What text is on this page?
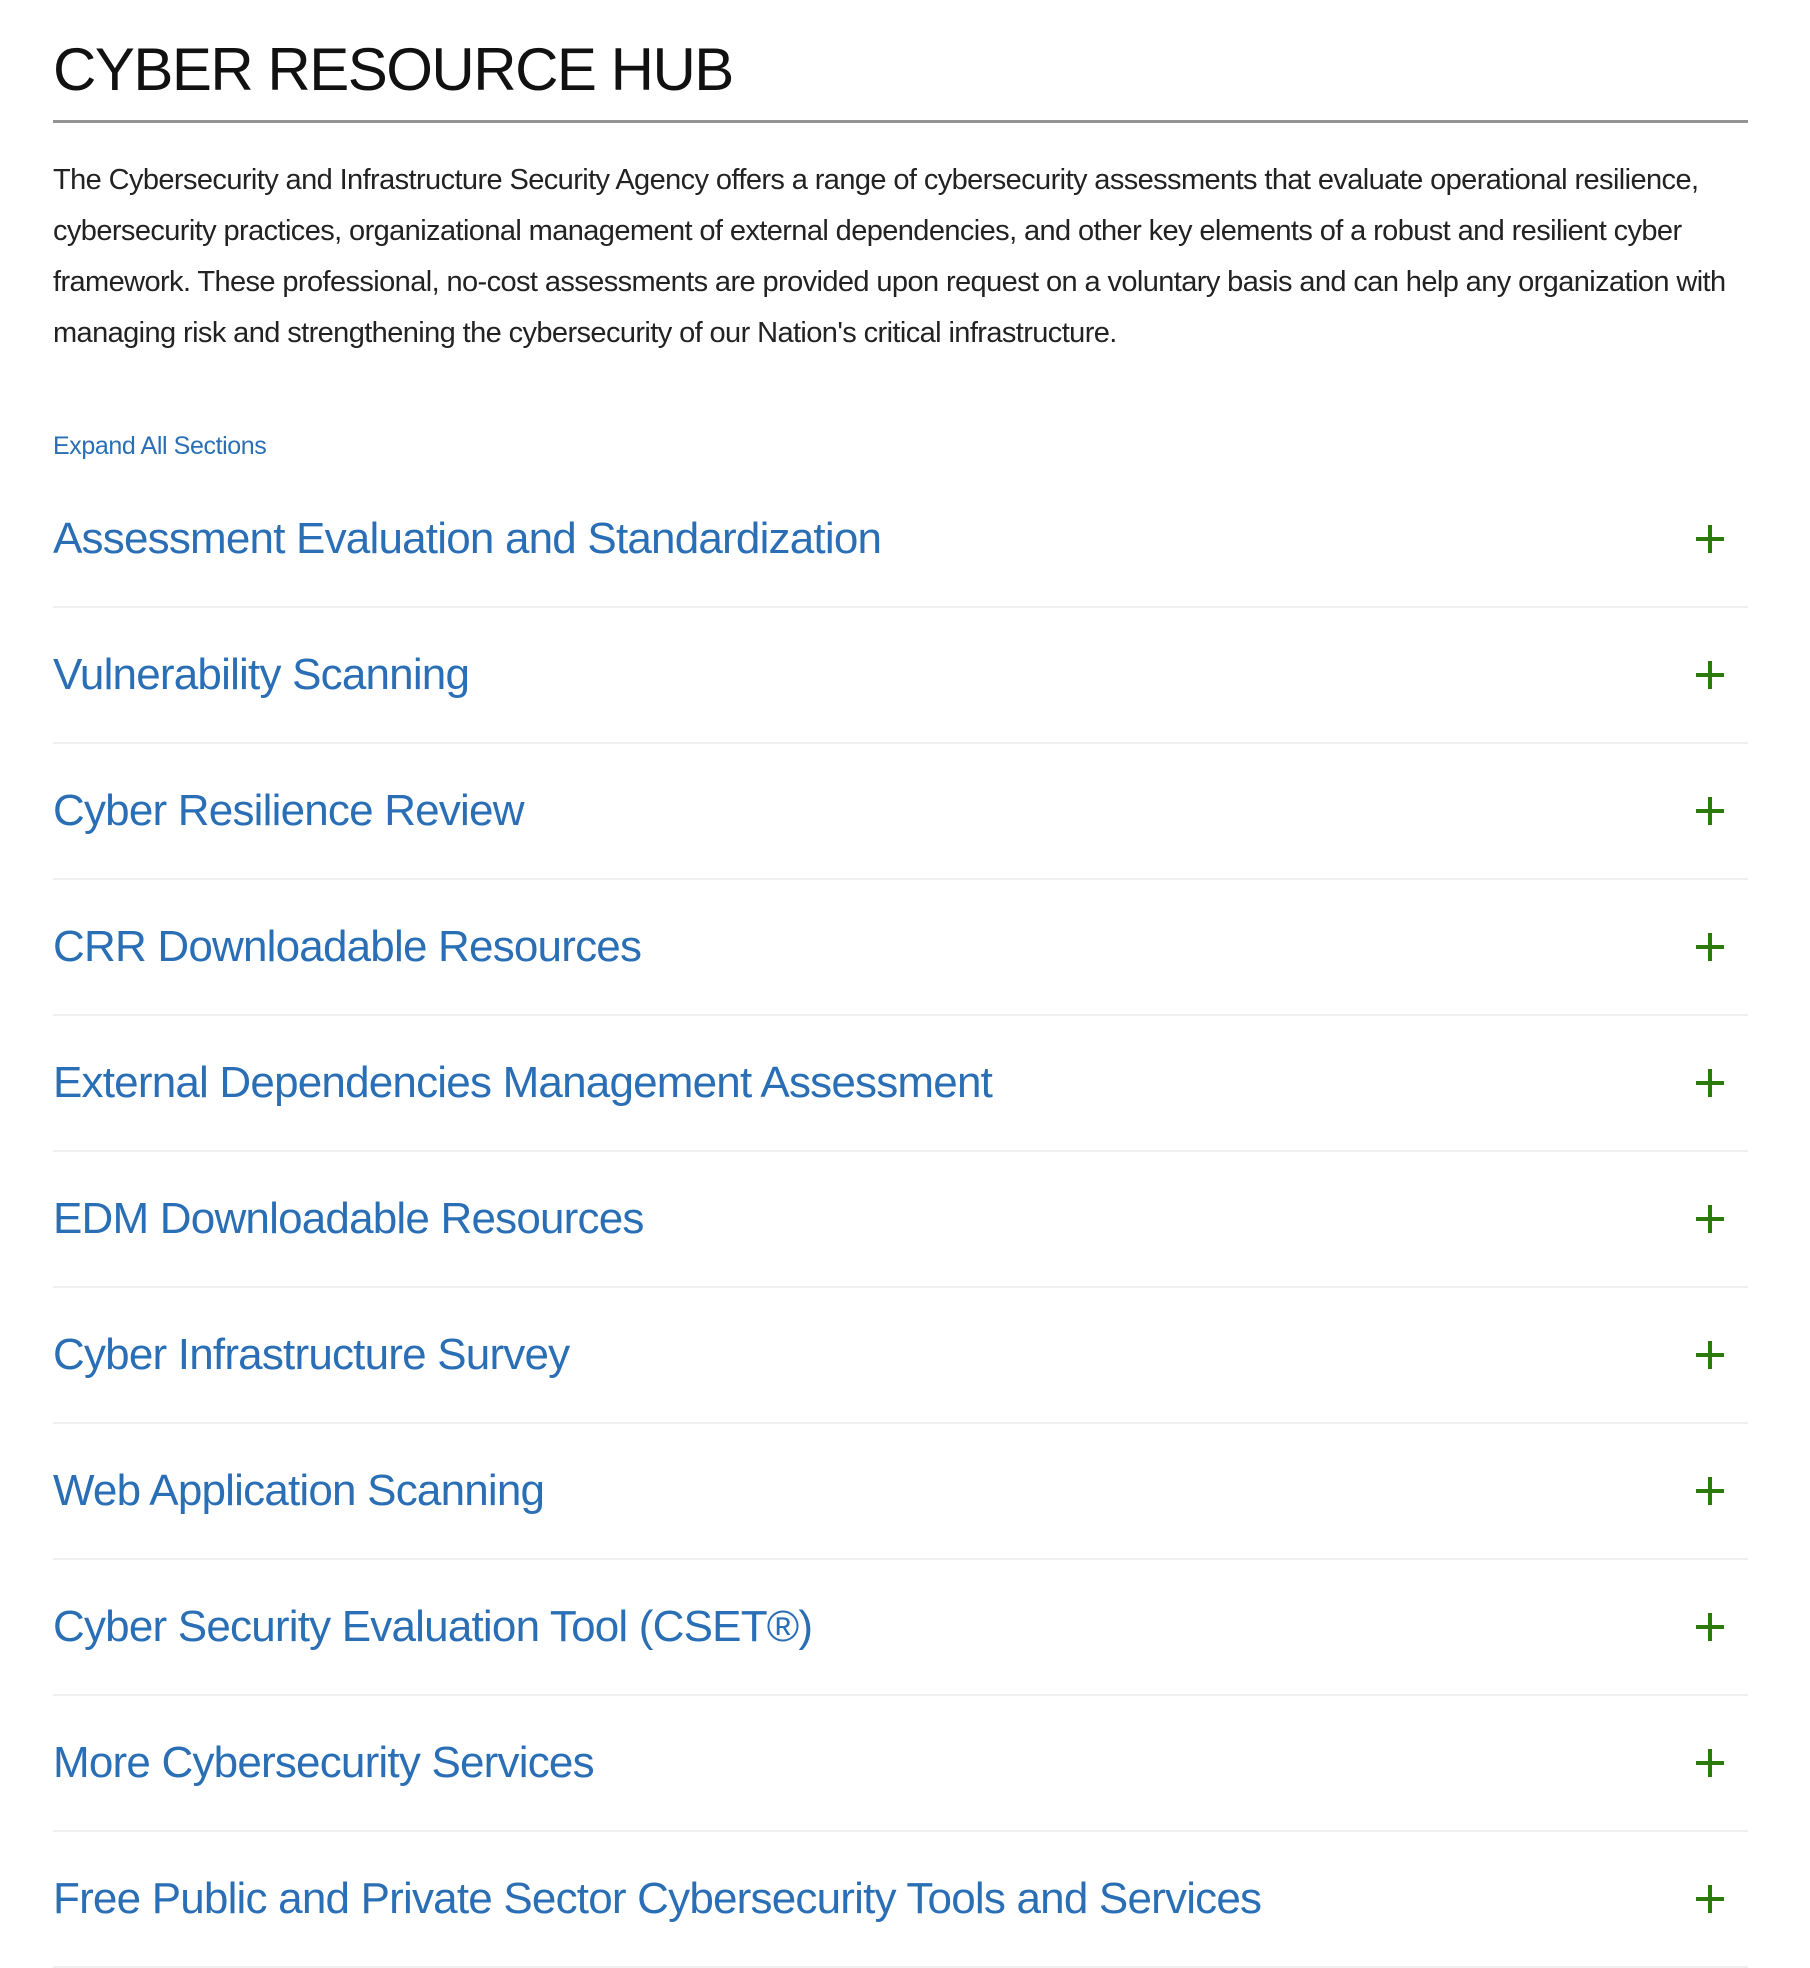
CYBER RESOURCE HUB

The Cybersecurity and Infrastructure Security Agency offers a range of cybersecurity assessments that evaluate operational resilience, cybersecurity practices, organizational management of external dependencies, and other key elements of a robust and resilient cyber framework. These professional, no-cost assessments are provided upon request on a voluntary basis and can help any organization with managing risk and strengthening the cybersecurity of our Nation's critical infrastructure.

Expand All Sections
Assessment Evaluation and Standardization
Vulnerability Scanning
Cyber Resilience Review
CRR Downloadable Resources
External Dependencies Management Assessment
EDM Downloadable Resources
Cyber Infrastructure Survey
Web Application Scanning
Cyber Security Evaluation Tool (CSET®)
More Cybersecurity Services
Free Public and Private Sector Cybersecurity Tools and Services
